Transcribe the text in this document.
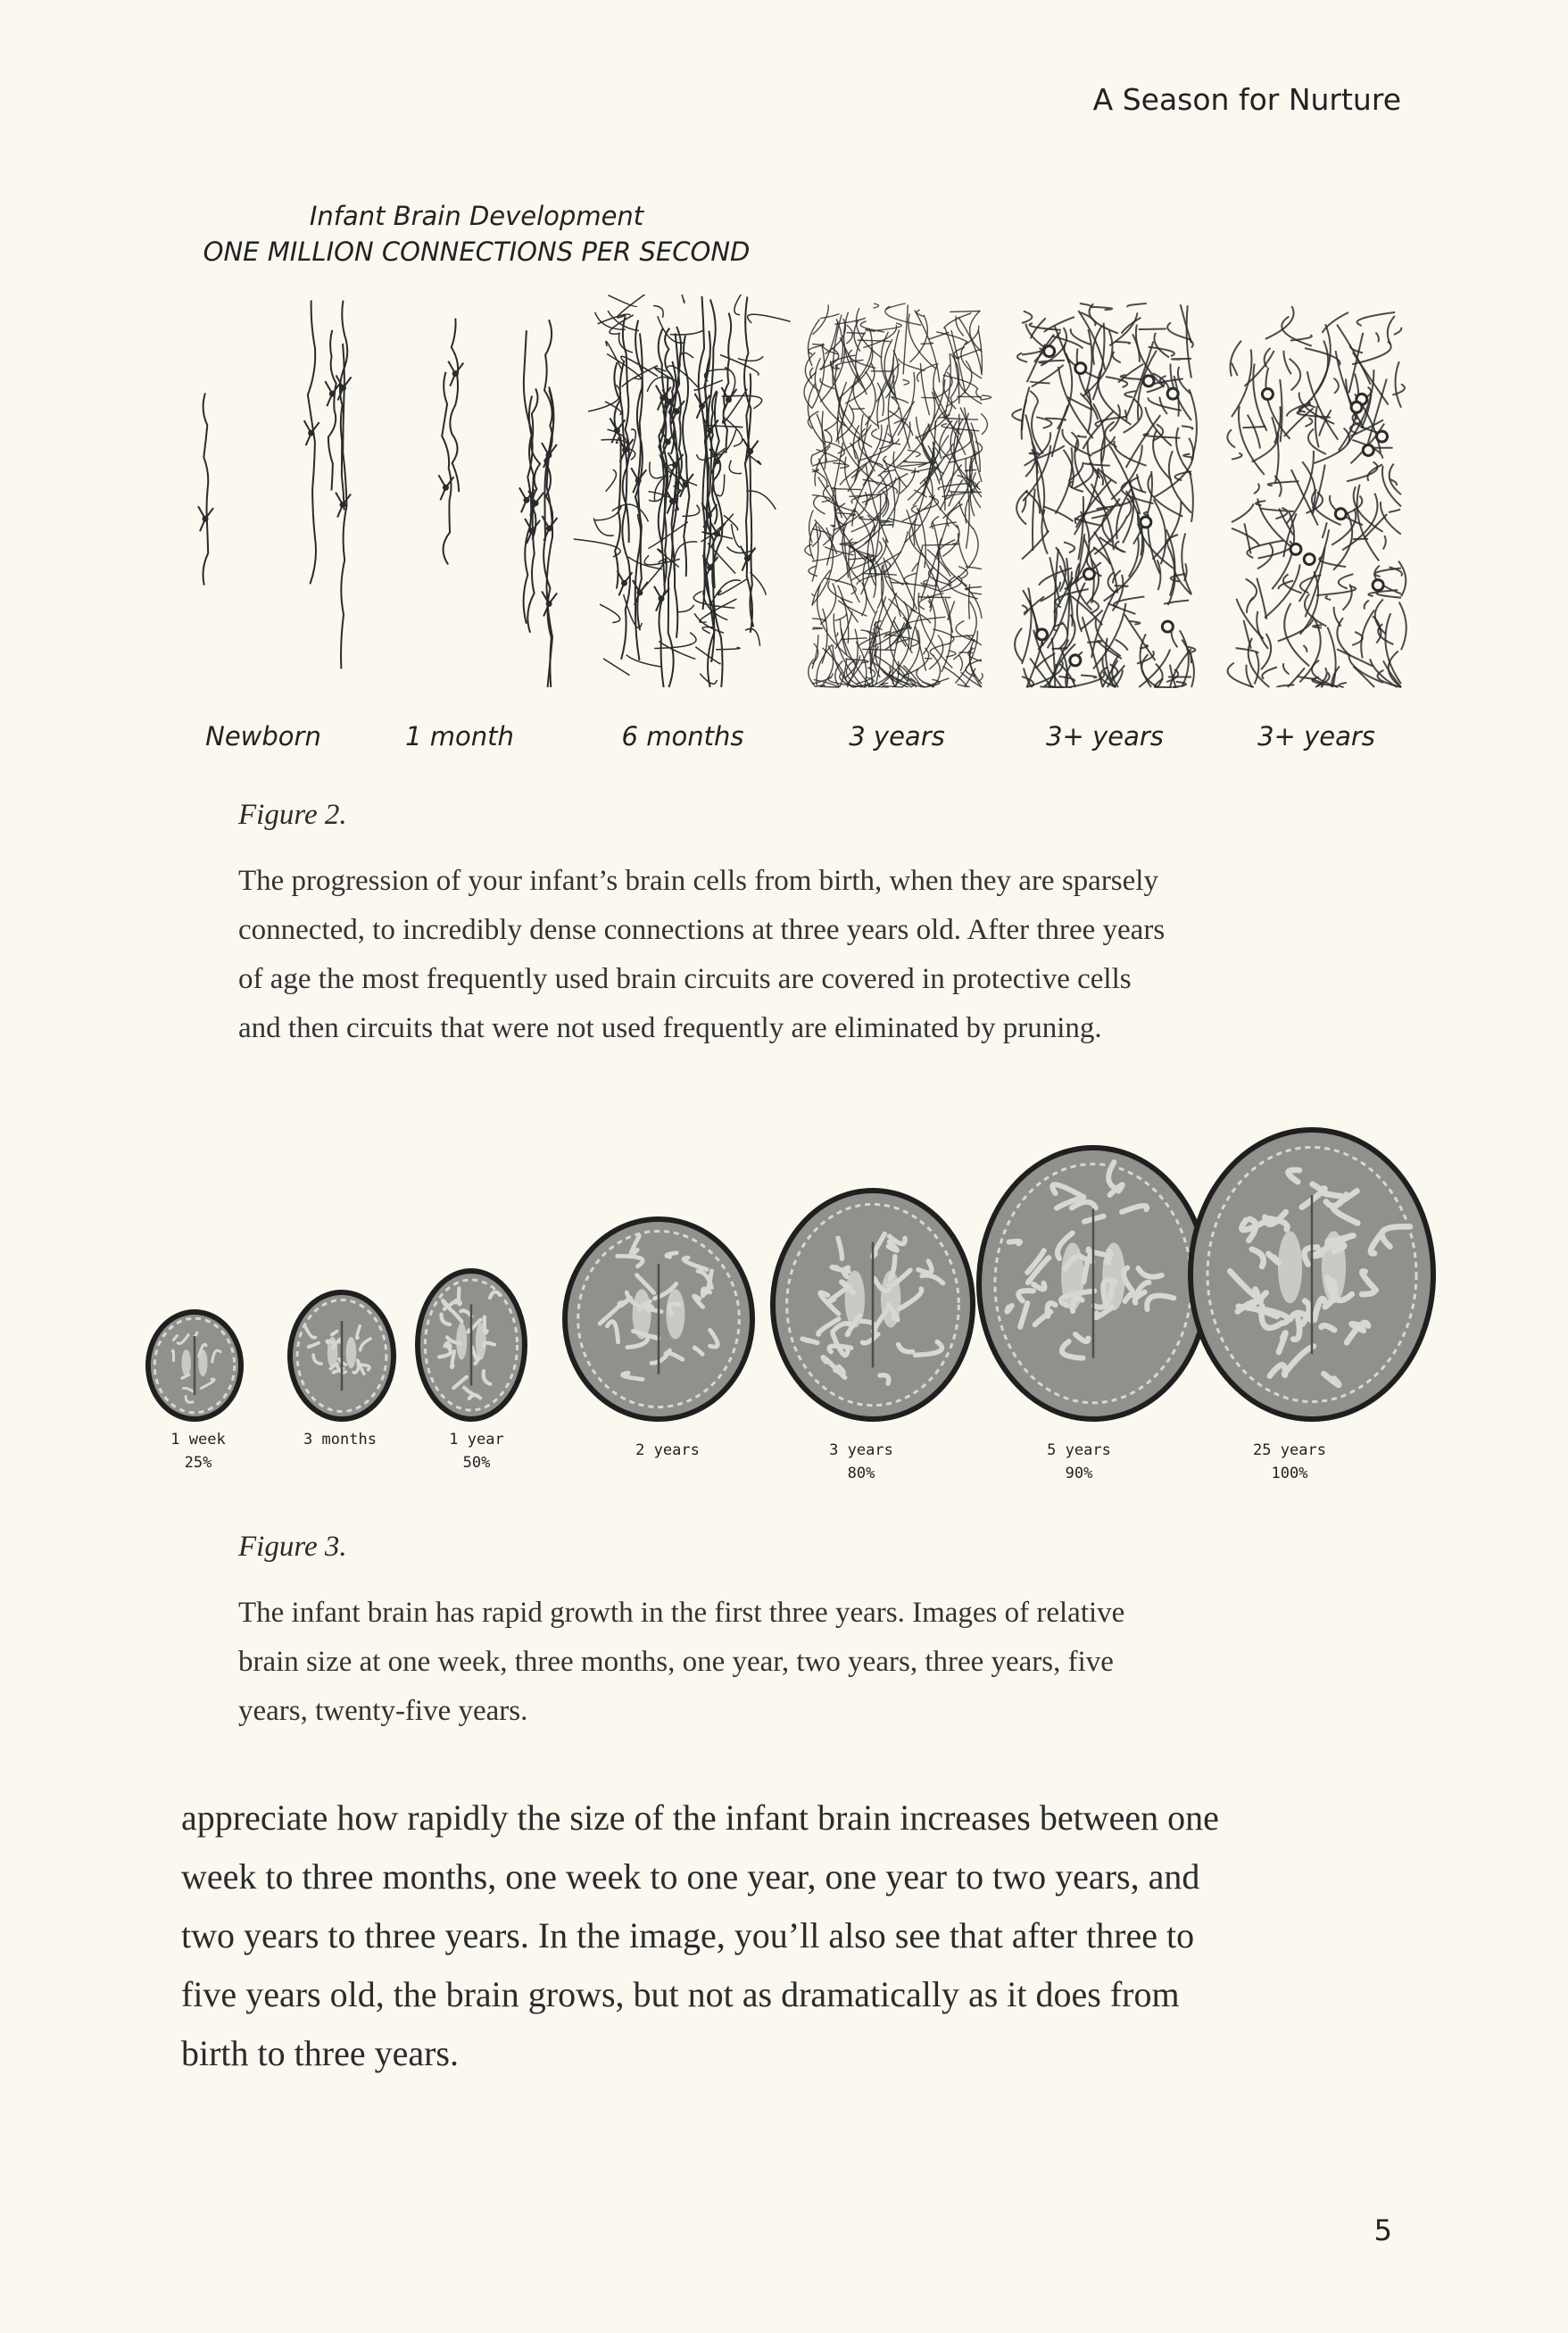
A Season for Nurture
Infant Brain Development
ONE MILLION CONNECTIONS PER SECOND
Newborn	1 month	6 months	3 years	3+ years	3+ years
Figure 2.
The progression of your infant’s brain cells from birth, when they are sparsely
connected, to incredibly dense connections at three years old. After three years
of age the most frequently used brain circuits are covered in protective cells
and then circuits that were not used frequently are eliminated by pruning.
1 week
25%
3 months	1 year
50%
2 years	3 years
80%
5 years
90%
25 years
100%
Figure 3.
The infant brain has rapid growth in the first three years. Images of relative
brain size at one week, three months, one year, two years, three years, five
years, twenty-five years.
appreciate how rapidly the size of the infant brain increases between one
week to three months, one week to one year, one year to two years, and
two years to three years. In the image, you’ll also see that after three to
five years old, the brain grows, but not as dramatically as it does from
birth to three years.
5
